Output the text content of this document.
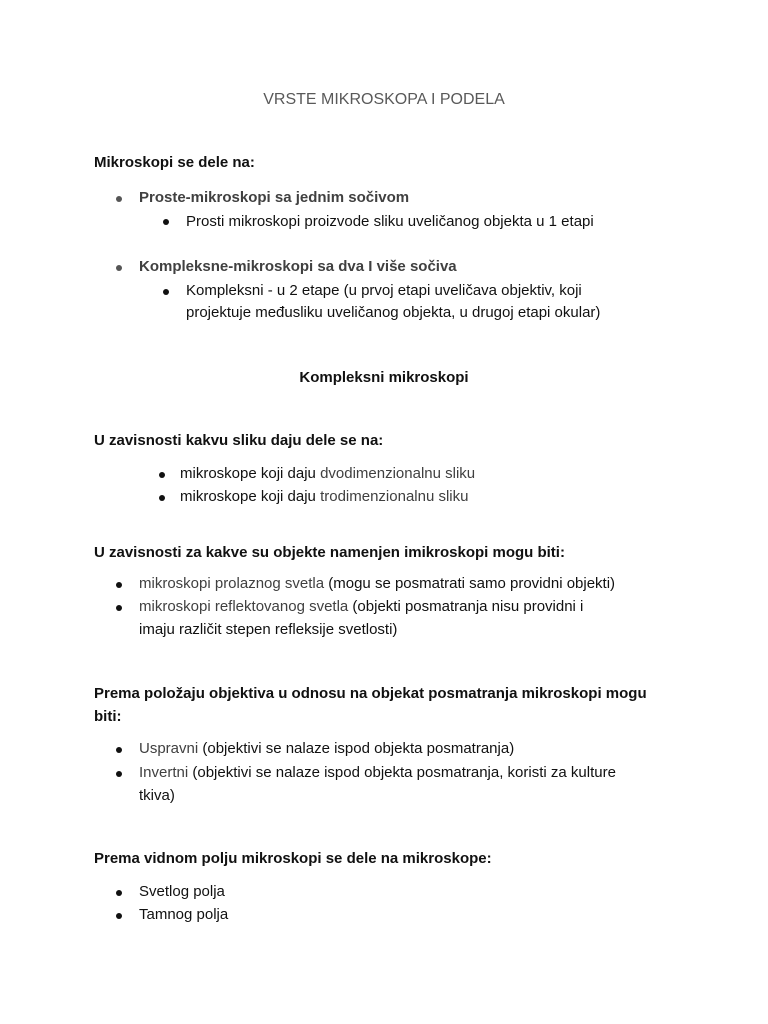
VRSTE MIKROSKOPA I PODELA
Mikroskopi se dele na:
Proste-mikroskopi sa jednim sočivom
Prosti mikroskopi proizvode sliku uveličanog objekta u 1 etapi
Kompleksne-mikroskopi sa dva I više sočiva
Kompleksni - u 2 etape (u prvoj etapi uveličava objektiv, koji
projektuje međusliku uveličanog objekta, u drugoj etapi okular)
Kompleksni mikroskopi
U zavisnosti kakvu sliku daju dele se na:
mikroskope koji daju dvodimenzionalnu sliku
mikroskope koji daju trodimenzionalnu sliku
U zavisnosti za kakve su objekte namenjen imikroskopi mogu biti:
mikroskopi prolaznog svetla (mogu se posmatrati samo providni objekti)
mikroskopi reflektovanog svetla (objekti posmatranja nisu providni i
imaju različit stepen refleksije svetlosti)
Prema položaju objektiva u odnosu na objekat posmatranja mikroskopi mogu
biti:
Uspravni (objektivi se nalaze ispod objekta posmatranja)
Invertni (objektivi se nalaze ispod objekta posmatranja, koristi za kulture
tkiva)
Prema vidnom polju mikroskopi se dele na mikroskope:
Svetlog polja
Tamnog polja
